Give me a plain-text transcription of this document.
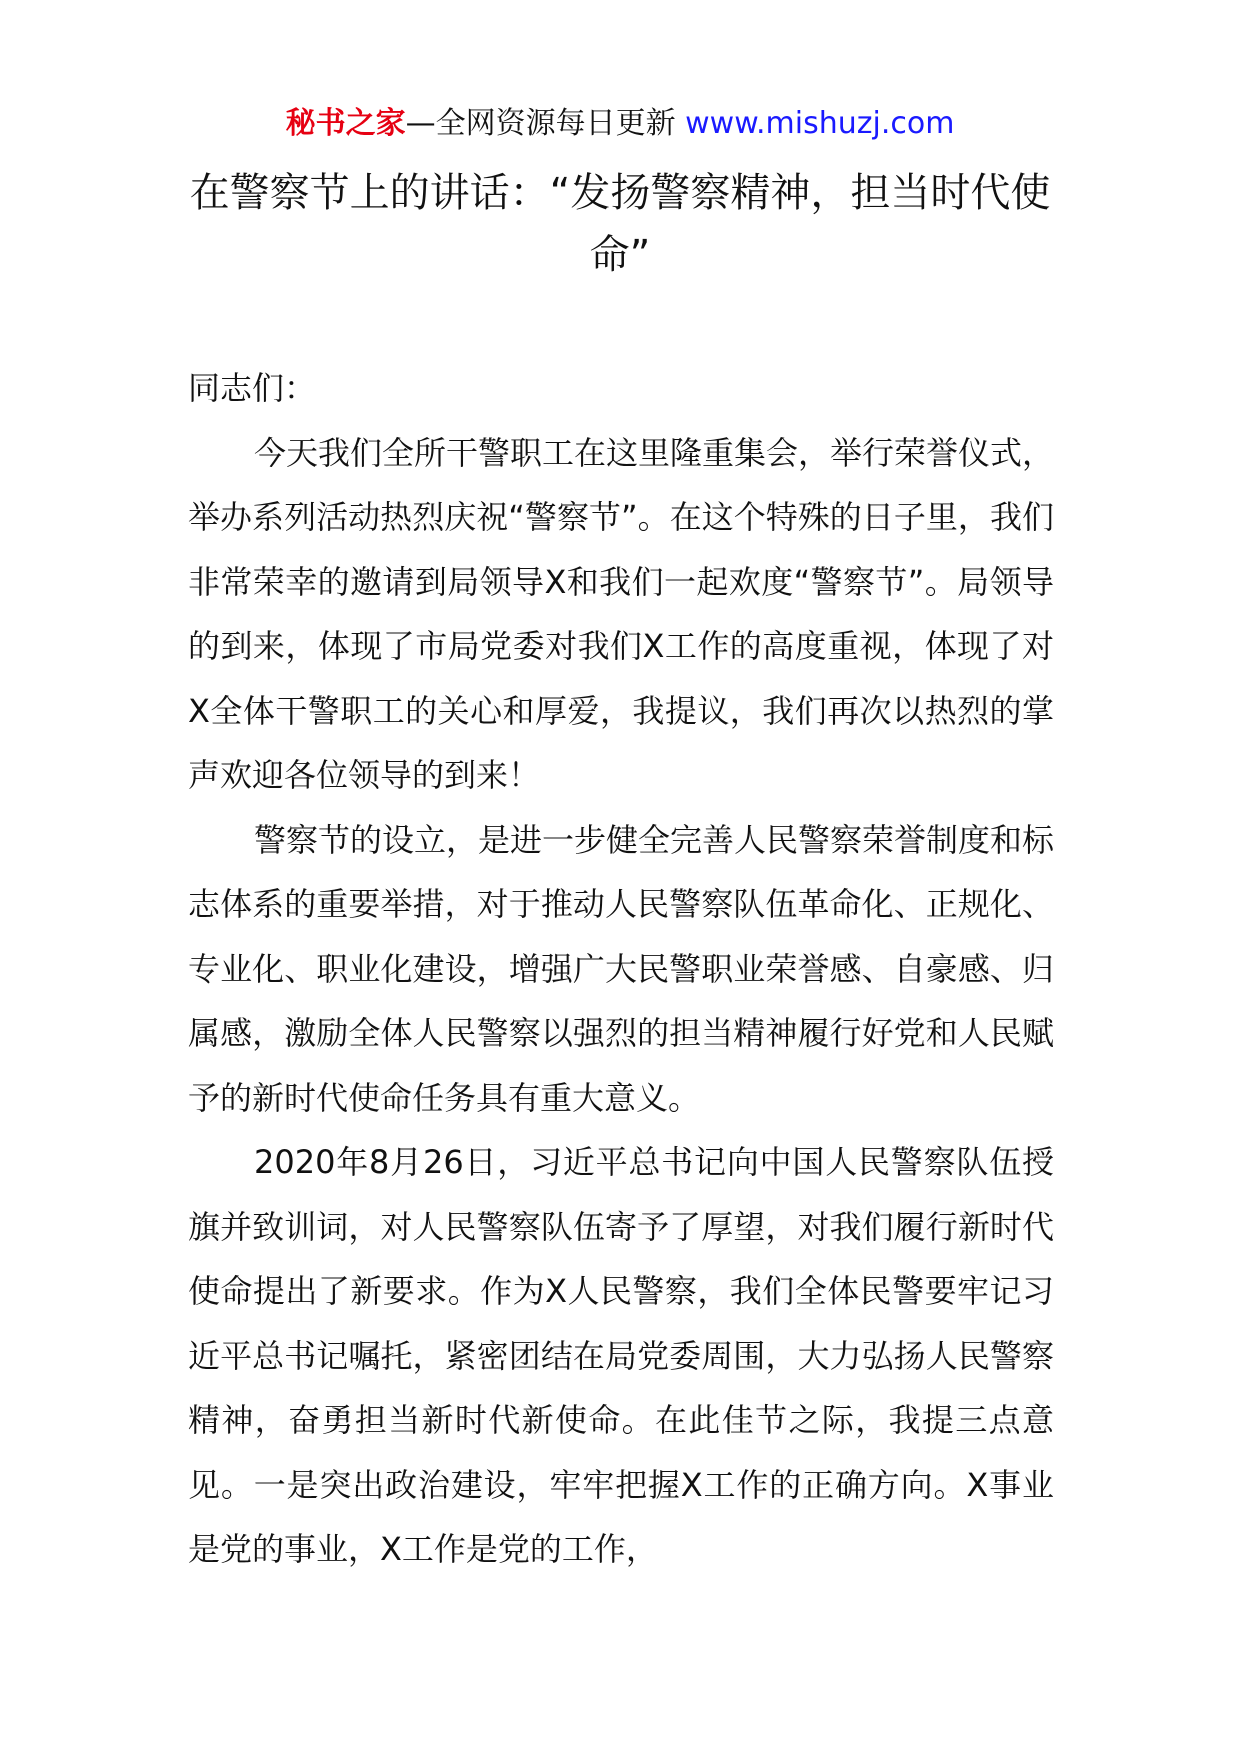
秘书之家—全网资源每日更新 www.mishuzj.com
在警察节上的讲话：“发扬警察精神，担当时代使命”

同志们：

今天我们全所干警职工在这里隆重集会，举行荣誉仪式，举办系列活动热烈庆祝“警察节”。在这个特殊的日子里，我们非常荣幸的邀请到局领导X和我们一起欢度“警察节”。局领导的到来，体现了市局党委对我们X工作的高度重视，体现了对X全体干警职工的关心和厚爱，我提议，我们再次以热烈的掌声欢迎各位领导的到来！

警察节的设立，是进一步健全完善人民警察荣誉制度和标志体系的重要举措，对于推动人民警察队伍革命化、正规化、专业化、职业化建设，增强广大民警职业荣誉感、自豪感、归属感，激励全体人民警察以强烈的担当精神履行好党和人民赋予的新时代使命任务具有重大意义。

2020年8月26日，习近平总书记向中国人民警察队伍授旗并致训词，对人民警察队伍寄予了厚望，对我们履行新时代使命提出了新要求。作为X人民警察，我们全体民警要牢记习近平总书记嘱托，紧密团结在局党委周围，大力弘扬人民警察精神，奋勇担当新时代新使命。在此佳节之际，我提三点意见。一是突出政治建设，牢牢把握X工作的正确方向。X事业是党的事业，X工作是党的工作，
